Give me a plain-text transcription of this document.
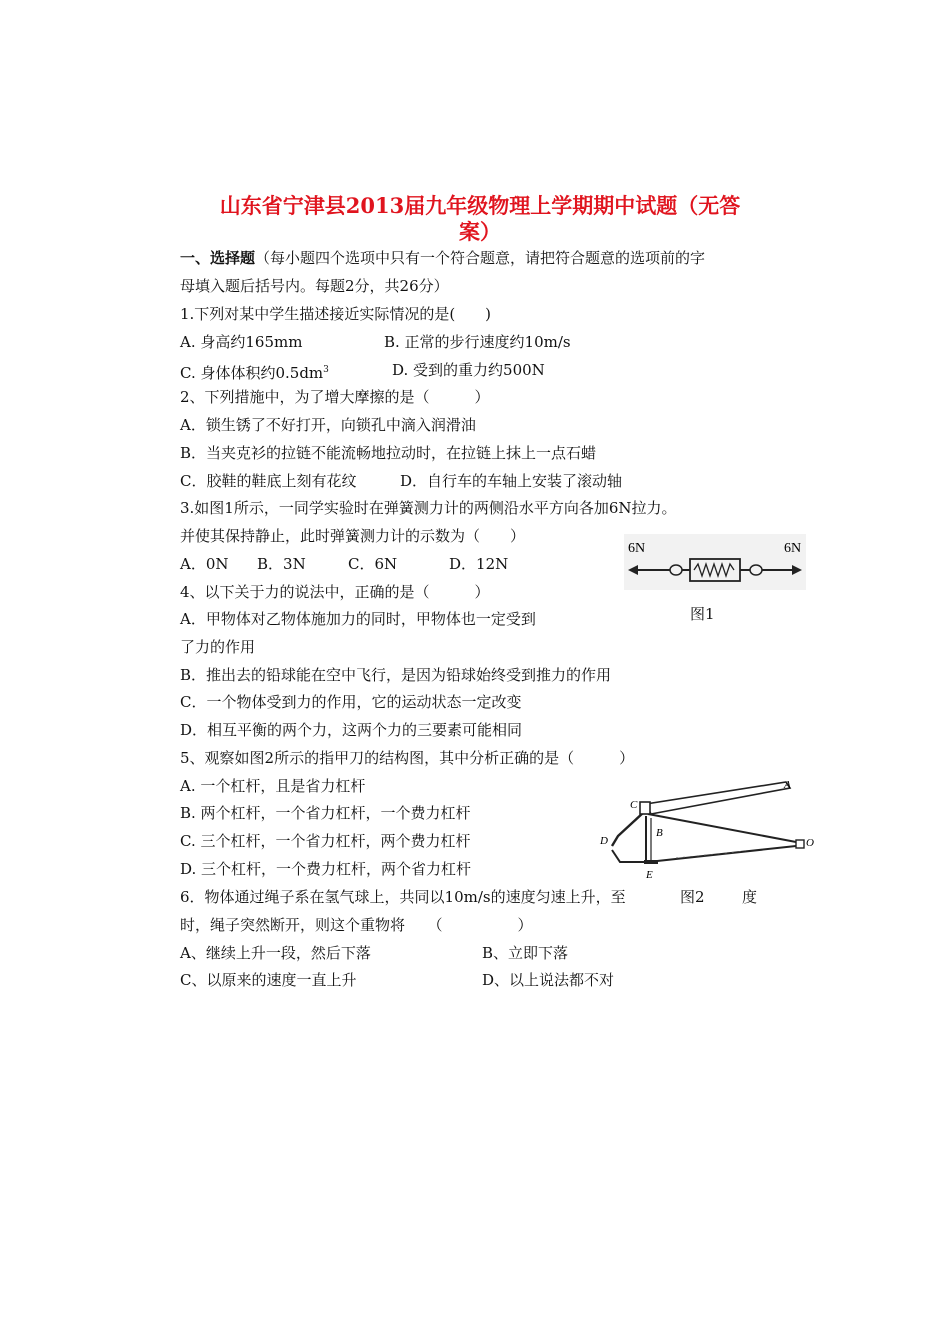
山东省宁津县2013届九年级物理上学期期中试题（无答
案）
一、选择题（每小题四个选项中只有一个符合题意，请把符合题意的选项前的字
母填入题后括号内。每题2分，共26分）
1.下列对某中学生描述接近实际情况的是(　　)
A. 身高约165mm	B. 正常的步行速度约10m/s
C. 身体体积约$0.5dm^3$	D. 受到的重力约500N
2、下列措施中，为了增大摩擦的是（　　　）
A．锁生锈了不好打开，向锁孔中滴入润滑油
B．当夹克衫的拉链不能流畅地拉动时，在拉链上抹上一点石蜡
C．胶鞋的鞋底上刻有花纹	D．自行车的车轴上安装了滚动轴
3.如图1所示，一同学实验时在弹簧测力计的两侧沿水平方向各加6N拉力。
并使其保持静止，此时弹簧测力计的示数为（　　）
A．0N B．3N	C．6N	D．12N
6N	6N
图1
4、以下关于力的说法中，正确的是（　　　）
A．甲物体对乙物体施加力的同时，甲物体也一定受到
了力的作用
B．推出去的铅球能在空中飞行，是因为铅球始终受到推力的作用
C．一个物体受到力的作用，它的运动状态一定改变
D．相互平衡的两个力，这两个力的三要素可能相同
5、观察如图2所示的指甲刀的结构图，其中分析正确的是（　　　）
A. 一个杠杆，且是省力杠杆
B. 两个杠杆，一个省力杠杆，一个费力杠杆
C. 三个杠杆，一个省力杠杆，两个费力杠杆
D. 三个杠杆，一个费力杠杆，两个省力杠杆
A
C
B
D
E
O
6．物体通过绳子系在氢气球上，共同以10m/s的速度匀速上升，至	图2 度
时，绳子突然断开，则这个重物将　　（　　　　　）
A、继续上升一段，然后下落	B、立即下落
C、以原来的速度一直上升	D、以上说法都不对
